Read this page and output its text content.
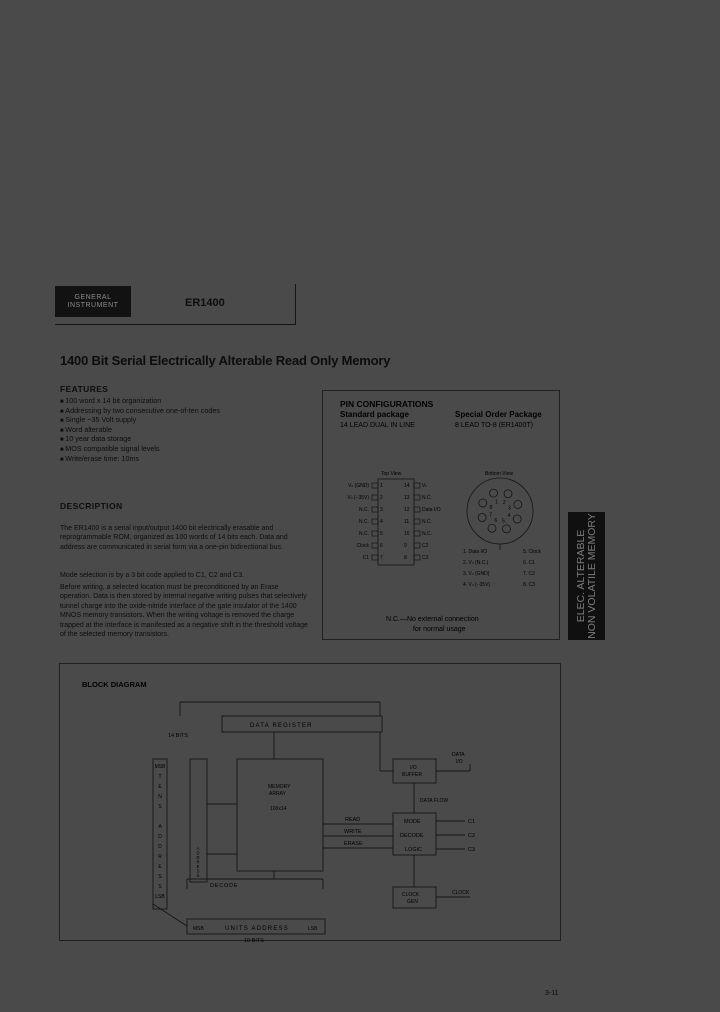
GENERAL
INSTRUMENT	ER1400
1400 Bit Serial Electrically Alterable Read Only Memory
FEATURES
■ 100 word x 14 bit organization
■ Addressing by two consecutive one-of-ten codes
■ Single −35 Volt supply
■ Word alterable
■ 10 year data storage
■ MOS compatible signal levels
■ Write/erase time: 10ms
DESCRIPTION

The ER1400 is a serial input/output 1400 bit electrically erasable and reprogrammable ROM, organized as 100 words of 14 bits each. Data and address are communicated in serial form via a one-pin bidirectional bus.

Mode selection is by a 3 bit code applied to C1, C2 and C3.

Before writing, a selected location must be preconditioned by an Erase operation. Data is then stored by internal negative writing pulses that selectively tunnel charge into the oxide-nitride interface of the gate insulator of the 1400 MNOS memory transistors. When the writing voltage is removed the charge trapped at the interface is manifested as a negative shift in the threshold voltage of the selected memory transistors.

PIN CONFIGURATIONS
Standard package
14 LEAD DUAL IN LINE
Special Order Package
8 LEAD TO-8 (ER1400T)
Top View
Vₗₗ (GND) 1	14 Vₗₗ
Vₗₗ (−35V) 2	13 N.C.
N.C. 3	12 Data I/O
N.C. 4	11	N.C.
N.C. 5	10 N.C.
Clock 6	9	C2
C1 7	8	C3
Bottom View
1 2
3
4
5
6
7
8
1. Data I/O	5. Clock
2. Vₗₗ (N.C.)	6. C1
3. Vₗₗ (GND)	7. C2
4. Vₗₗ (−35V)	8. C3
N.C.—No external connection
for normal usage
ELEC. ALTERABLE NON VOLATILE MEMORY
BLOCK DIAGRAM
DATA REGISTER
14 BITS
MEMORY
ARRAY
100x14
MSB
T
E
N
S
A
D
D
R
E
S
S
LSB
A
D
D
R
E
S
S
DECODE
MSB	UNITS ADDRESS	LSB
10 BITS
I/O
BUFFER
DATA
I/O
DATA FLOW
MODE
DECODE
LOGIC
READ
WRITE
ERASE
C1
C2
C3
CLOCK
GEN
CLOCK
3-11
